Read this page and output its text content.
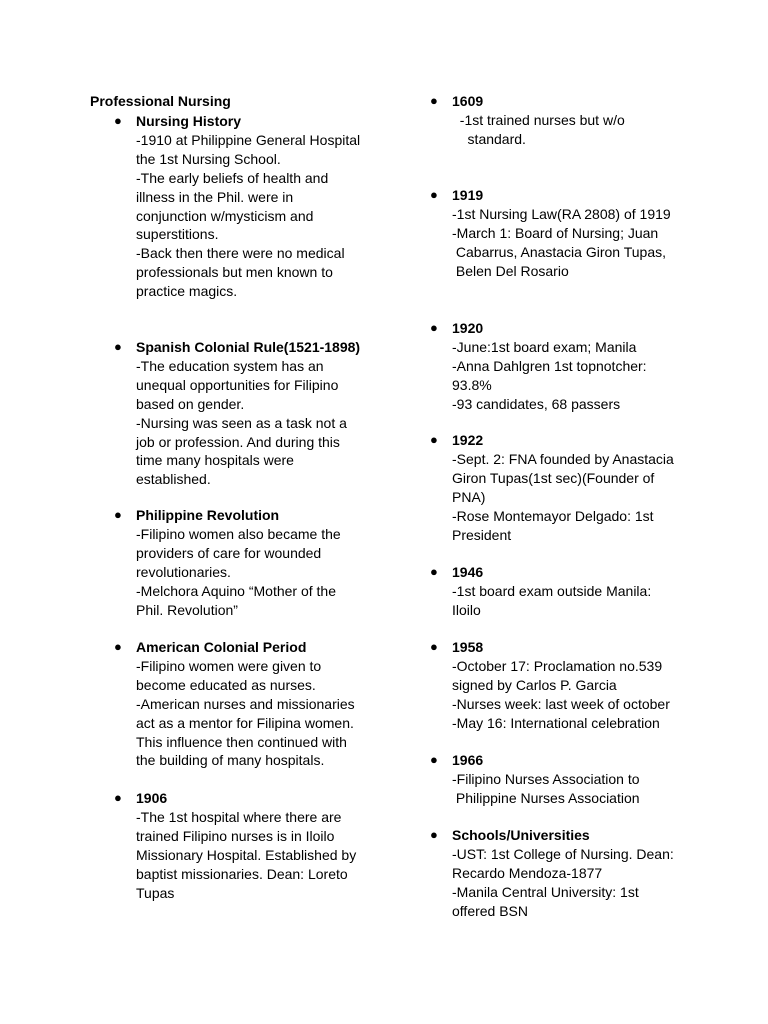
Professional Nursing
● Nursing History
-1910 at Philippine General Hospital
the 1st Nursing School.
-The early beliefs of health and
illness in the Phil. were in
conjunction w/mysticism and
superstitions.
-Back then there were no medical
professionals but men known to
practice magics.
● Spanish Colonial Rule(1521-1898)
-The education system has an
unequal opportunities for Filipino
based on gender.
-Nursing was seen as a task not a
job or profession. And during this
time many hospitals were
established.
● Philippine Revolution
-Filipino women also became the
providers of care for wounded
revolutionaries.
-Melchora Aquino “Mother of the
Phil. Revolution”
● American Colonial Period
-Filipino women were given to
become educated as nurses.
-American nurses and missionaries
act as a mentor for Filipina women.
This influence then continued with
the building of many hospitals.
● 1906
-The 1st hospital where there are
trained Filipino nurses is in Iloilo
Missionary Hospital. Established by
baptist missionaries. Dean: Loreto
Tupas
● 1609
-1st trained nurses but w/o
standard.
● 1919
-1st Nursing Law(RA 2808) of 1919
-March 1: Board of Nursing; Juan
Cabarrus, Anastacia Giron Tupas,
Belen Del Rosario
● 1920
-June:1st board exam; Manila
-Anna Dahlgren 1st topnotcher:
93.8%
-93 candidates, 68 passers
● 1922
-Sept. 2: FNA founded by Anastacia
Giron Tupas(1st sec)(Founder of
PNA)
-Rose Montemayor Delgado: 1st
President
● 1946
-1st board exam outside Manila:
Iloilo
● 1958
-October 17: Proclamation no.539
signed by Carlos P. Garcia
-Nurses week: last week of october
-May 16: International celebration
● 1966
-Filipino Nurses Association to
Philippine Nurses Association
● Schools/Universities
-UST: 1st College of Nursing. Dean:
Recardo Mendoza-1877
-Manila Central University: 1st
offered BSN
